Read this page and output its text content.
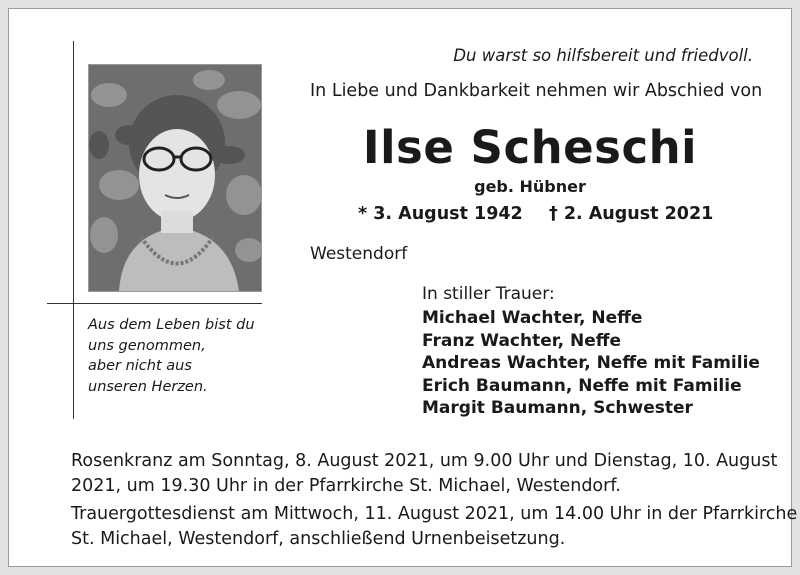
Du warst so hilfsbereit und friedvoll.
In Liebe und Dankbarkeit nehmen wir Abschied von
Ilse Scheschi
geb. Hübner
* 3. August 1942 † 2. August 2021
Westendorf
In stiller Trauer:
Michael Wachter, Neffe
Franz Wachter, Neffe
Andreas Wachter, Neffe mit Familie
Erich Baumann, Neffe mit Familie
Margit Baumann, Schwester
Aus dem Leben bist du
uns genommen,
aber nicht aus
unseren Herzen.
Rosenkranz am Sonntag, 8. August 2021, um 9.00 Uhr und Dienstag, 10. August
2021, um 19.30 Uhr in der Pfarrkirche St. Michael, Westendorf.
Trauergottesdienst am Mittwoch, 11. August 2021, um 14.00 Uhr in der Pfarrkirche
St. Michael, Westendorf, anschließend Urnenbeisetzung.
